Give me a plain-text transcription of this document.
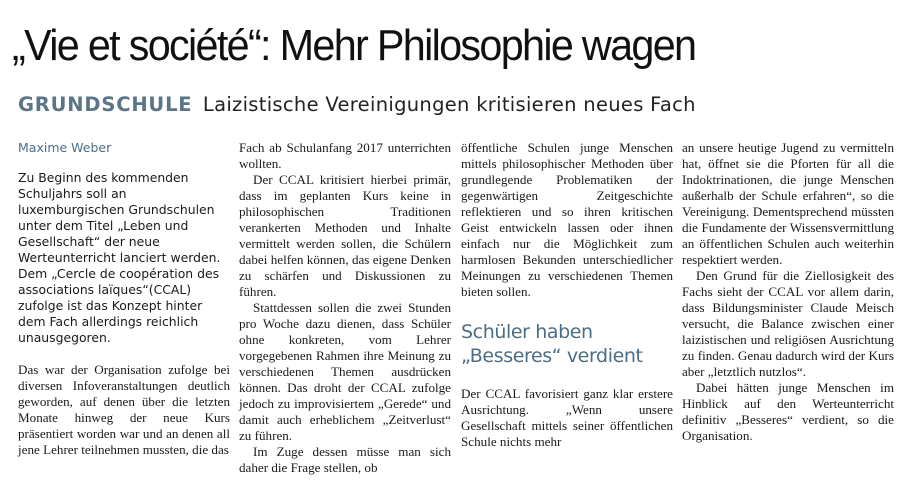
„Vie et société“: Mehr Philosophie wagen
GRUNDSCHULE Laizistische Vereinigungen kritisieren neues Fach

Maxime Weber

Zu Beginn des kommenden Schuljahrs soll an luxemburgischen Grundschulen unter dem Titel „Leben und Gesellschaft“ der neue Werteunterricht lanciert werden. Dem „Cercle de coopération des associations laïques“(CCAL) zufolge ist das Konzept hinter dem Fach allerdings reichlich unausgegoren.

Das war der Organisation zufolge bei diversen Infoveranstaltungen deutlich geworden, auf denen über die letzten Monate hinweg der neue Kurs präsentiert worden war und an denen all jene Lehrer teilnehmen mussten, die das

Fach ab Schulanfang 2017 unterrichten wollten.

Der CCAL kritisiert hierbei primär, dass im geplanten Kurs keine in philosophischen Traditionen verankerten Methoden und Inhalte vermittelt werden sollen, die Schülern dabei helfen können, das eigene Denken zu schärfen und Diskussionen zu führen.

Stattdessen sollen die zwei Stunden pro Woche dazu dienen, dass Schüler ohne konkreten, vom Lehrer vorgegebenen Rahmen ihre Meinung zu verschiedenen Themen ausdrücken können. Das droht der CCAL zufolge jedoch zu improvisiertem „Gerede“ und damit auch erheblichem „Zeitverlust“ zu führen.

Im Zuge dessen müsse man sich daher die Frage stellen, ob

öffentliche Schulen junge Menschen mittels philosophischer Methoden über grundlegende Problematiken der gegenwärtigen Zeitgeschichte reflektieren und so ihren kritischen Geist entwickeln lassen oder ihnen einfach nur die Möglichkeit zum harmlosen Bekunden unterschiedlicher Meinungen zu verschiedenen Themen bieten sollen.

Schüler haben
„Besseres“ verdient

Der CCAL favorisiert ganz klar erstere Ausrichtung. „Wenn unsere Gesellschaft mittels seiner öffentlichen Schule nichts mehr

an unsere heutige Jugend zu vermitteln hat, öffnet sie die Pforten für all die Indoktrinationen, die junge Menschen außerhalb der Schule erfahren“, so die Vereinigung. Dementsprechend müssten die Fundamente der Wissensvermittlung an öffentlichen Schulen auch weiterhin respektiert werden.

Den Grund für die Ziellosigkeit des Fachs sieht der CCAL vor allem darin, dass Bildungsminister Claude Meisch versucht, die Balance zwischen einer laizistischen und religiösen Ausrichtung zu finden. Genau dadurch wird der Kurs aber „letztlich nutzlos“.

Dabei hätten junge Menschen im Hinblick auf den Werteunterricht definitiv „Besseres“ verdient, so die Organisation.
